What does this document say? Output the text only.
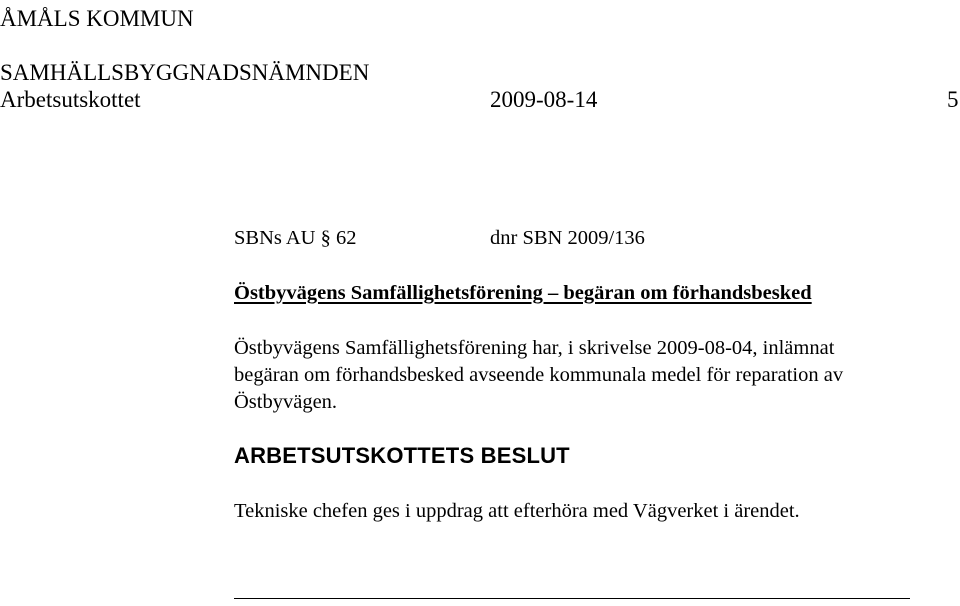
ÅMÅLS KOMMUN
SAMHÄLLSBYGGNADSNÄMNDEN
Arbetsutskottet	2009-08-14	5
SBNs AU § 62	dnr SBN 2009/136
Östbyvägens Samfällighetsförening – begäran om förhandsbesked
Östbyvägens Samfällighetsförening har, i skrivelse 2009-08-04, inlämnat
begäran om förhandsbesked avseende kommunala medel för reparation av
Östbyvägen.
ARBETSUTSKOTTETS BESLUT
Tekniske chefen ges i uppdrag att efterhöra med Vägverket i ärendet.
